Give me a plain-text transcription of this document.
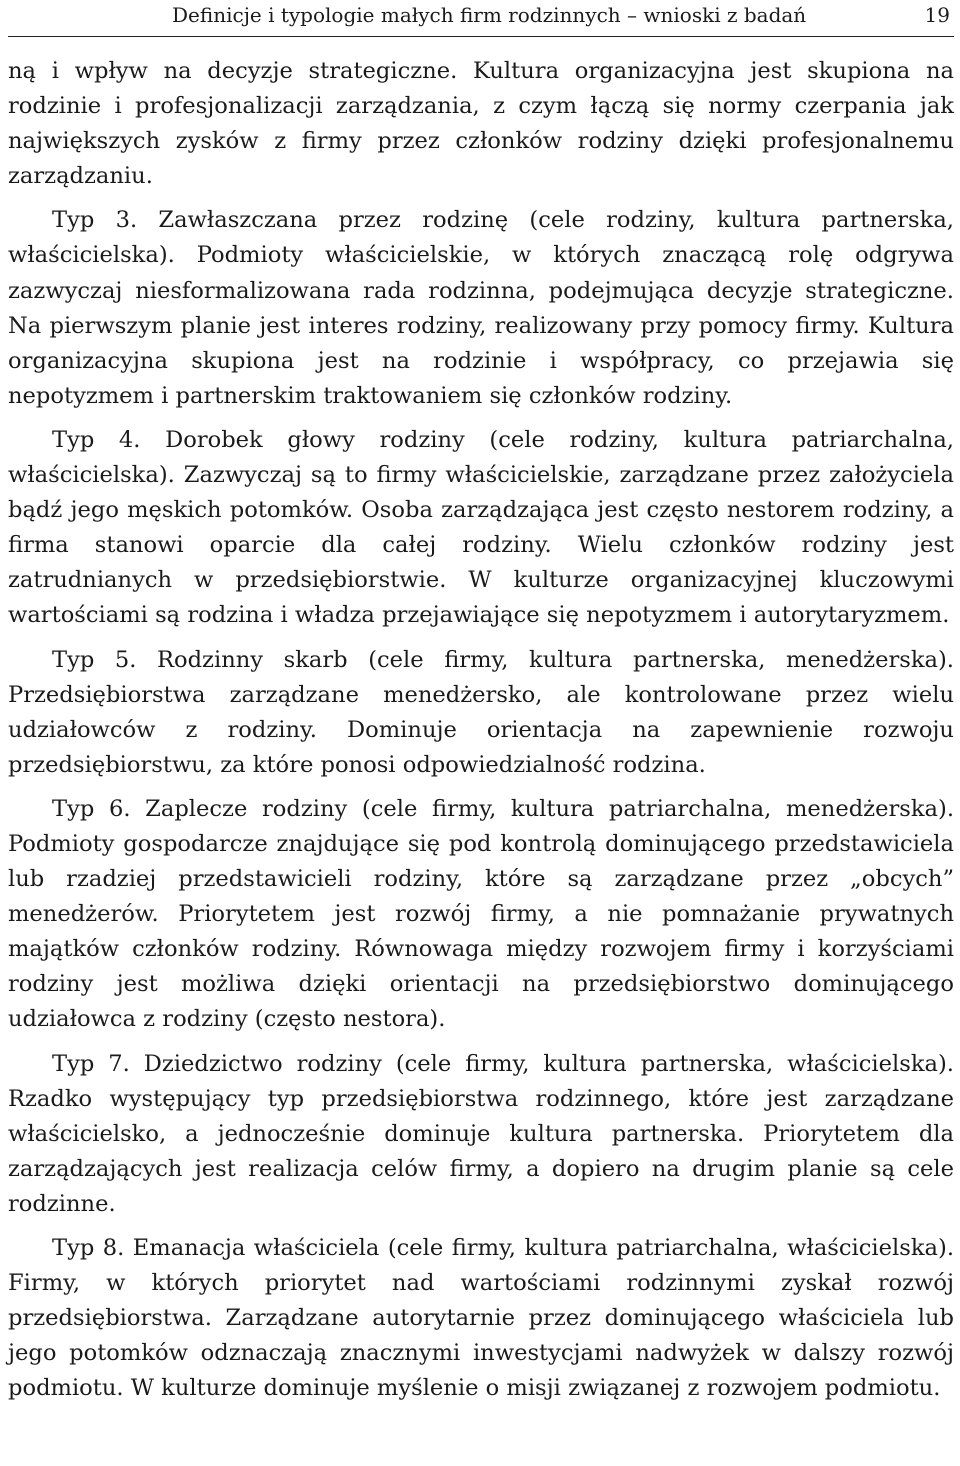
Definicje i typologie małych firm rodzinnych – wnioski z badań	19

ną i wpływ na decyzje strategiczne. Kultura organizacyjna jest skupiona na rodzinie i profesjonalizacji zarządzania, z czym łączą się normy czerpania jak największych zysków z firmy przez członków rodziny dzięki profesjonalnemu zarządzaniu.

Typ 3. Zawłaszczana przez rodzinę (cele rodziny, kultura partnerska, właścicielska). Podmioty właścicielskie, w których znaczącą rolę odgrywa zazwyczaj niesformalizowana rada rodzinna, podejmująca decyzje strategiczne. Na pierwszym planie jest interes rodziny, realizowany przy pomocy firmy. Kultura organizacyjna skupiona jest na rodzinie i współpracy, co przejawia się nepotyzmem i partnerskim traktowaniem się członków rodziny.

Typ 4. Dorobek głowy rodziny (cele rodziny, kultura patriarchalna, właścicielska). Zazwyczaj są to firmy właścicielskie, zarządzane przez założyciela bądź jego męskich potomków. Osoba zarządzająca jest często nestorem rodziny, a firma stanowi oparcie dla całej rodziny. Wielu członków rodziny jest zatrudnianych w przedsiębiorstwie. W kulturze organizacyjnej kluczowymi wartościami są rodzina i władza przejawiające się nepotyzmem i autorytaryzmem.

Typ 5. Rodzinny skarb (cele firmy, kultura partnerska, menedżerska). Przedsiębiorstwa zarządzane menedżersko, ale kontrolowane przez wielu udziałowców z rodziny. Dominuje orientacja na zapewnienie rozwoju przedsiębiorstwu, za które ponosi odpowiedzialność rodzina.

Typ 6. Zaplecze rodziny (cele firmy, kultura patriarchalna, menedżerska). Podmioty gospodarcze znajdujące się pod kontrolą dominującego przedstawiciela lub rzadziej przedstawicieli rodziny, które są zarządzane przez „obcych” menedżerów. Priorytetem jest rozwój firmy, a nie pomnażanie prywatnych majątków członków rodziny. Równowaga między rozwojem firmy i korzyściami rodziny jest możliwa dzięki orientacji na przedsiębiorstwo dominującego udziałowca z rodziny (często nestora).

Typ 7. Dziedzictwo rodziny (cele firmy, kultura partnerska, właścicielska). Rzadko występujący typ przedsiębiorstwa rodzinnego, które jest zarządzane właścicielsko, a jednocześnie dominuje kultura partnerska. Priorytetem dla zarządzających jest realizacja celów firmy, a dopiero na drugim planie są cele rodzinne.

Typ 8. Emanacja właściciela (cele firmy, kultura patriarchalna, właścicielska). Firmy, w których priorytet nad wartościami rodzinnymi zyskał rozwój przedsiębiorstwa. Zarządzane autorytarnie przez dominującego właściciela lub jego potomków odznaczają znacznymi inwestycjami nadwyżek w dalszy rozwój podmiotu. W kulturze dominuje myślenie o misji związanej z rozwojem podmiotu.
